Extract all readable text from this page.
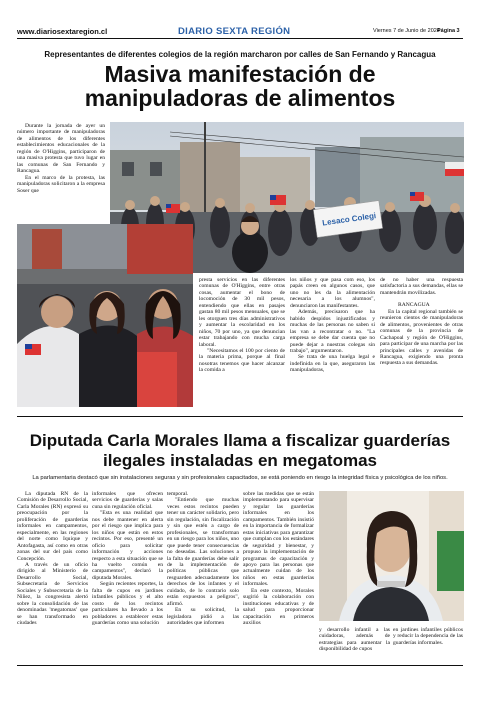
www.diariosextaregion.cl	DIARIO SEXTA REGIÓN	Viernes 7 de Junio de 2024
Página 3
Representantes de diferentes colegios de la región marcharon por calles de San Fernando y Rancagua
Masiva manifestación de
manipuladoras de alimentos

Durante la jornada de ayer un número importante de manipuladoras de alimentos de los diferentes establecimientos educacionales de la región de O'Higgins, participaron de una masiva protesta que tuvo lugar en las comunas de San Fernando y Rancagua.

En el marco de la protesta, las manipuladoras solicitaron a la empresa Soser que

Lesaco Colegi

presta servicios en las diferentes comunas de O'Higgins, entre otras cosas, aumentar el bono de locomoción de 30 mil pesos, entendiendo que ellas en pasajes gastan 80 mil pesos mensuales, que se les otorguen tres días administrativos y aumentar la escolaridad en los niños, 70 por uno, ya que denuncian estar trabajando con mucha carga laboral.

"Necesitamos el 100 por ciento de la materia prima, porque al final nosotras tenemos que hacer alcanzar la comida a

los niños y que pasa com eso, los papás creen en algunos casos, que uno no les da la alimentación necesaria a los alumnos", denunciaron las manifestantes.

Además, precisaron que ha habido despidos injustificados y muchas de las personas no saben si las van a recontratar o no. "La empresa se debe dar cuenta que no puede dejar a nuestras colegas sin trabajo", argumentaron.

Se trata de una huelga legal e indefinida en la que, aseguraron las manipuladoras,

de no haber una respuesta satisfactoria a sus demandas, ellas se mantendrán movilizadas.

RANCAGUA

En la capital regional también se reunieron cientos de manipuladoras de alimentos, provenientes de otras comunas de la provincia de Cachapoal y región de O'Higgins, para participar de una marcha por las principales calles y avenidas de Rancagua, exigiendo una pronta respuesta a sus demandas.

Diputada Carla Morales llama a fiscalizar guarderías
ilegales instaladas en megatomas
La parlamentaria destacó que sin instalaciones seguras y sin profesionales capacitados, se está poniendo en riesgo la integridad física y psicológica de los niños.

La diputada RN de la Comisión de Desarrollo Social, Carla Morales (RN) expresó su preocupación por la proliferación de guarderías informales en campamentos, especialmente, en las regiones del norte como Iquique y Antofagasta, así como en otras zonas del sur del país como Concepción.

A través de un oficio dirigido al Ministerio de Desarrollo Social, Subsecretaria de Servicios Sociales y Subsecretaria de la Niñez, la congresista alertó sobre la consolidación de las denominadas 'megatomas' que se han transformado en ciudades

informales que ofrecen servicios de guarderías y salas cuna sin regulación oficial.

"Esta es una realidad que nos debe mantener en alerta por el riesgo que implica para los niños que están en estos recintos. Por eso, presenté un oficio para solicitar información y acciones respecto a esta situación que se ha vuelto común en campamentos", declaró la diputada Morales.

Según recientes reportes, la falta de cupos en jardines infantiles públicos y el alto costo de los recintos particulares ha llevado a los pobladores a establecer estas guarderías como una solución

temporal.

"Entiendo que muchas veces estos recintos pueden tener un carácter solidario, pero sin regulación, sin fiscalización y sin que estén a cargo de profesionales, se transforman en un riesgo para los niños, uno que puede tener consecuencias no deseadas. Las soluciones a la falta de guarderías debe salir de la implementación de políticas públicas que resguarden adecuadamente los derechos de los infantes y el cuidado, de lo contrario solo están expuestos a peligros", afirmó.

En su solicitud, la legisladora pidió a las autoridades que informen

sobre las medidas que se están implementando para supervisar y regular las guarderías informales en los campamentos. También insistió en la importancia de formalizar estas iniciativas para garantizar que cumplan con los estándares de seguridad y bienestar, y propuso la implementación de programas de capacitación y apoyo para las personas que actualmente cuidan de los niños en estas guarderías informales.

En este contexto, Morales sugirió la colaboración con instituciones educativas y de salud para proporcionar capacitación en primeros auxilios

y desarrollo infantil a las cuidadoras, además de estrategias para aumentar la disponibilidad de cupos

en jardines infantiles públicos y reducir la dependencia de las guarderías informales.
